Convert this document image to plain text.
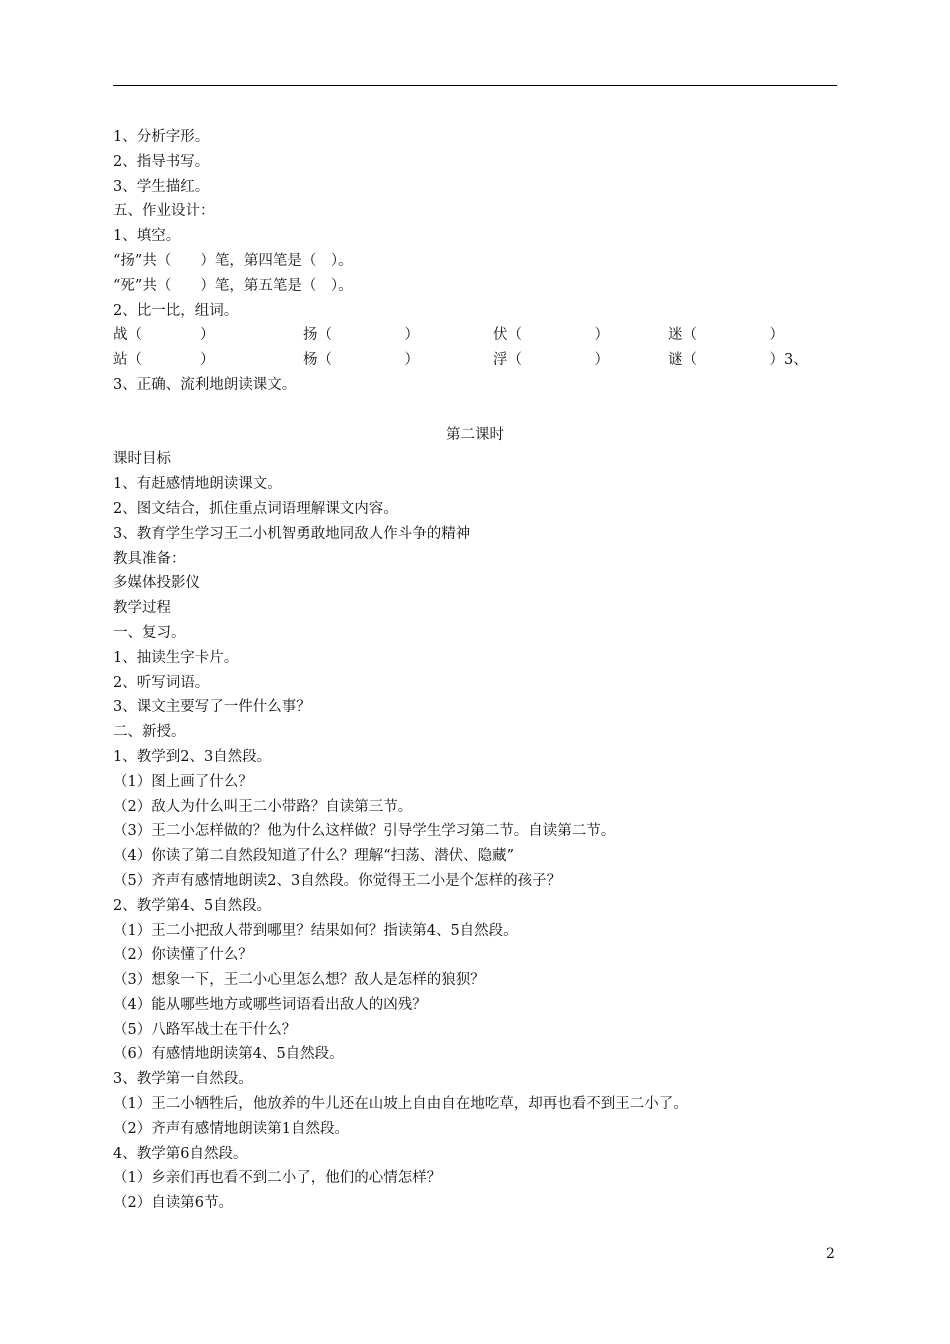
1、分析字形。
2、指导书写。
3、学生描红。
五、作业设计：
1、填空。
“扬”共（　　）笔，第四笔是（　）。
“死”共（　　）笔，第五笔是（　）。
2、比一比，组词。
战（　　　　）	扬（　　　　　）	伏（　　　　　）	迷（　　　　　）
站（　　　　）	杨（　　　　　）	浮（　　　　　）	谜（　　　　　）3、
3、正确、流利地朗读课文。
第二课时
课时目标
1、有赶感情地朗读课文。
2、图文结合，抓住重点词语理解课文内容。
3、教育学生学习王二小机智勇敢地同敌人作斗争的精神
教具准备：
多媒体投影仪
教学过程
一、复习。
1、抽读生字卡片。
2、听写词语。
3、课文主要写了一件什么事？
二、新授。
1、教学到2、3自然段。
（1）图上画了什么？
（2）敌人为什么叫王二小带路？自读第三节。
（3）王二小怎样做的？他为什么这样做？引导学生学习第二节。自读第二节。
（4）你读了第二自然段知道了什么？理解“扫荡、潜伏、隐藏”
（5）齐声有感情地朗读2、3自然段。你觉得王二小是个怎样的孩子？
2、教学第4、5自然段。
（1）王二小把敌人带到哪里？结果如何？指读第4、5自然段。
（2）你读懂了什么？
（3）想象一下，王二小心里怎么想？敌人是怎样的狼狈？
（4）能从哪些地方或哪些词语看出敌人的凶残？
（5）八路军战士在干什么？
（6）有感情地朗读第4、5自然段。
3、教学第一自然段。
（1）王二小牺牲后，他放养的牛儿还在山坡上自由自在地吃草，却再也看不到王二小了。
（2）齐声有感情地朗读第1自然段。
4、教学第6自然段。
（1）乡亲们再也看不到二小了，他们的心情怎样？
（2）自读第6节。
2
